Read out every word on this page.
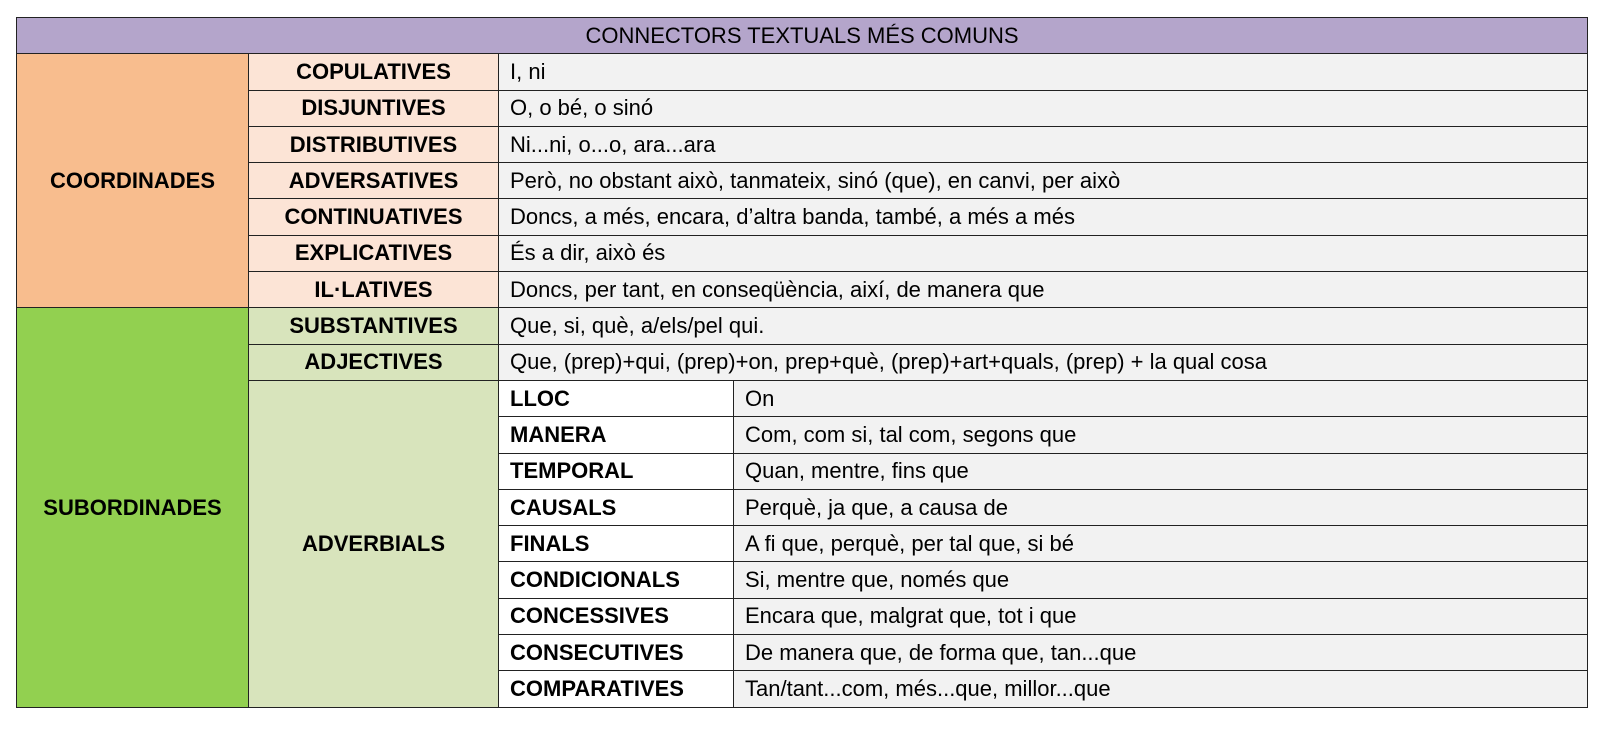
CONNECTORS TEXTUALS MÉS COMUNS			
COORDINADES	COPULATIVES	I, ni	
	DISJUNTIVES	O, o bé, o sinó	
	DISTRIBUTIVES	Ni...ni, o...o, ara...ara	
	ADVERSATIVES	Però, no obstant això, tanmateix, sinó (que), en canvi, per això	
	CONTINUATIVES	Doncs, a més, encara, d’altra banda, també, a més a més	
	EXPLICATIVES	És a dir, això és	
	IL·LATIVES	Doncs, per tant, en conseqüència, així, de manera que	
SUBORDINADES	SUBSTANTIVES	Que, si, què, a/els/pel qui.	
	ADJECTIVES	Que, (prep)+qui, (prep)+on, prep+què, (prep)+art+quals, (prep) + la qual cosa	
	ADVERBIALS	LLOC	On
		MANERA	Com, com si, tal com, segons que
		TEMPORAL	Quan, mentre, fins que
		CAUSALS	Perquè, ja que, a causa de
		FINALS	A fi que, perquè, per tal que, si bé
		CONDICIONALS	Si, mentre que, només que
		CONCESSIVES	Encara que, malgrat que, tot i que
		CONSECUTIVES	De manera que, de forma que, tan...que
		COMPARATIVES	Tan/tant...com, més...que, millor...que
